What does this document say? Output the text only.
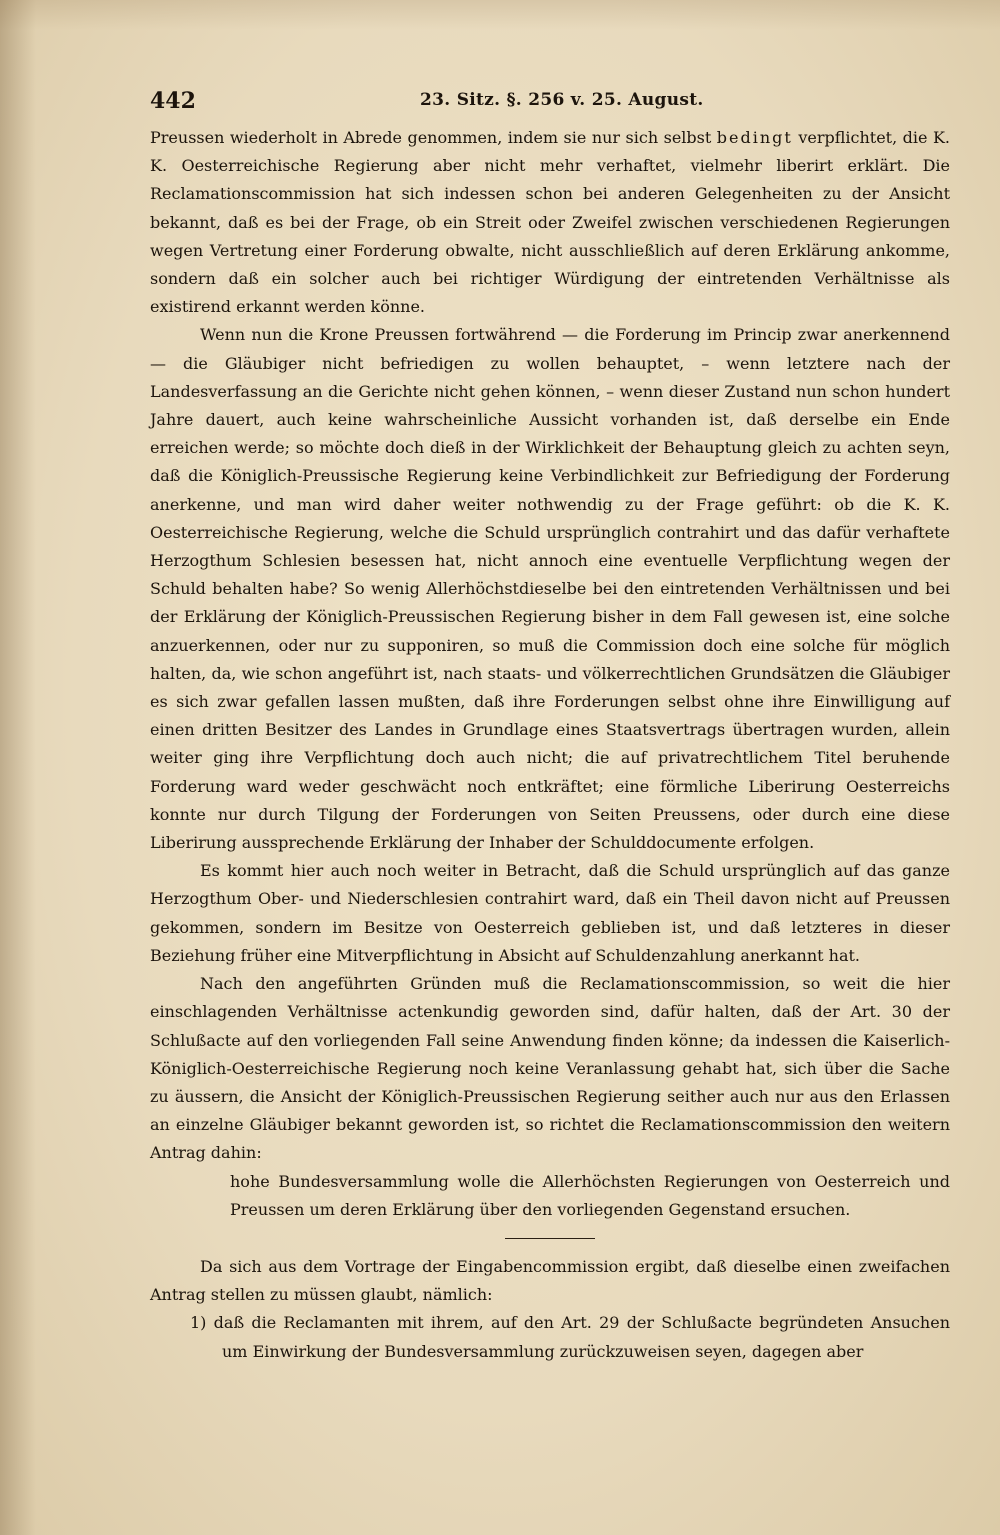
442	23. Sitz. §. 256 v. 25. August.

Preussen wiederholt in Abrede genommen, indem sie nur sich selbst bedingt verpflichtet, die K. K. Oesterreichische Regierung aber nicht mehr verhaftet, vielmehr liberirt erklärt. Die Reclamationscommission hat sich indessen schon bei anderen Gelegenheiten zu der Ansicht bekannt, daß es bei der Frage, ob ein Streit oder Zweifel zwischen verschiedenen Regierungen wegen Vertretung einer Forderung obwalte, nicht ausschließlich auf deren Erklärung ankomme, sondern daß ein solcher auch bei richtiger Würdigung der eintretenden Verhältnisse als existirend erkannt werden könne.

Wenn nun die Krone Preussen fortwährend — die Forderung im Princip zwar anerkennend — die Gläubiger nicht befriedigen zu wollen behauptet, – wenn letztere nach der Landesverfassung an die Gerichte nicht gehen können, – wenn dieser Zustand nun schon hundert Jahre dauert, auch keine wahrscheinliche Aussicht vorhanden ist, daß derselbe ein Ende erreichen werde; so möchte doch dieß in der Wirklichkeit der Behauptung gleich zu achten seyn, daß die Königlich-Preussische Regierung keine Verbindlichkeit zur Befriedigung der Forderung anerkenne, und man wird daher weiter nothwendig zu der Frage geführt: ob die K. K. Oesterreichische Regierung, welche die Schuld ursprünglich contrahirt und das dafür verhaftete Herzogthum Schlesien besessen hat, nicht annoch eine eventuelle Verpflichtung wegen der Schuld behalten habe? So wenig Allerhöchstdieselbe bei den eintretenden Verhältnissen und bei der Erklärung der Königlich-Preussischen Regierung bisher in dem Fall gewesen ist, eine solche anzuerkennen, oder nur zu supponiren, so muß die Commission doch eine solche für möglich halten, da, wie schon angeführt ist, nach staats- und völkerrechtlichen Grundsätzen die Gläubiger es sich zwar gefallen lassen mußten, daß ihre Forderungen selbst ohne ihre Einwilligung auf einen dritten Besitzer des Landes in Grundlage eines Staatsvertrags übertragen wurden, allein weiter ging ihre Verpflichtung doch auch nicht; die auf privatrechtlichem Titel beruhende Forderung ward weder geschwächt noch entkräftet; eine förmliche Liberirung Oesterreichs konnte nur durch Tilgung der Forderungen von Seiten Preussens, oder durch eine diese Liberirung aussprechende Erklärung der Inhaber der Schulddocumente erfolgen.

Es kommt hier auch noch weiter in Betracht, daß die Schuld ursprünglich auf das ganze Herzogthum Ober- und Niederschlesien contrahirt ward, daß ein Theil davon nicht auf Preussen gekommen, sondern im Besitze von Oesterreich geblieben ist, und daß letzteres in dieser Beziehung früher eine Mitverpflichtung in Absicht auf Schuldenzahlung anerkannt hat.

Nach den angeführten Gründen muß die Reclamationscommission, so weit die hier einschlagenden Verhältnisse actenkundig geworden sind, dafür halten, daß der Art. 30 der Schlußacte auf den vorliegenden Fall seine Anwendung finden könne; da indessen die Kaiserlich-Königlich-Oesterreichische Regierung noch keine Veranlassung gehabt hat, sich über die Sache zu äussern, die Ansicht der Königlich-Preussischen Regierung seither auch nur aus den Erlassen an einzelne Gläubiger bekannt geworden ist, so richtet die Reclamationscommission den weitern Antrag dahin:

hohe Bundesversammlung wolle die Allerhöchsten Regierungen von Oesterreich und Preussen um deren Erklärung über den vorliegenden Gegenstand ersuchen.

Da sich aus dem Vortrage der Eingabencommission ergibt, daß dieselbe einen zweifachen Antrag stellen zu müssen glaubt, nämlich:

1) daß die Reclamanten mit ihrem, auf den Art. 29 der Schlußacte begründeten Ansuchen um Einwirkung der Bundesversammlung zurückzuweisen seyen, dagegen aber
